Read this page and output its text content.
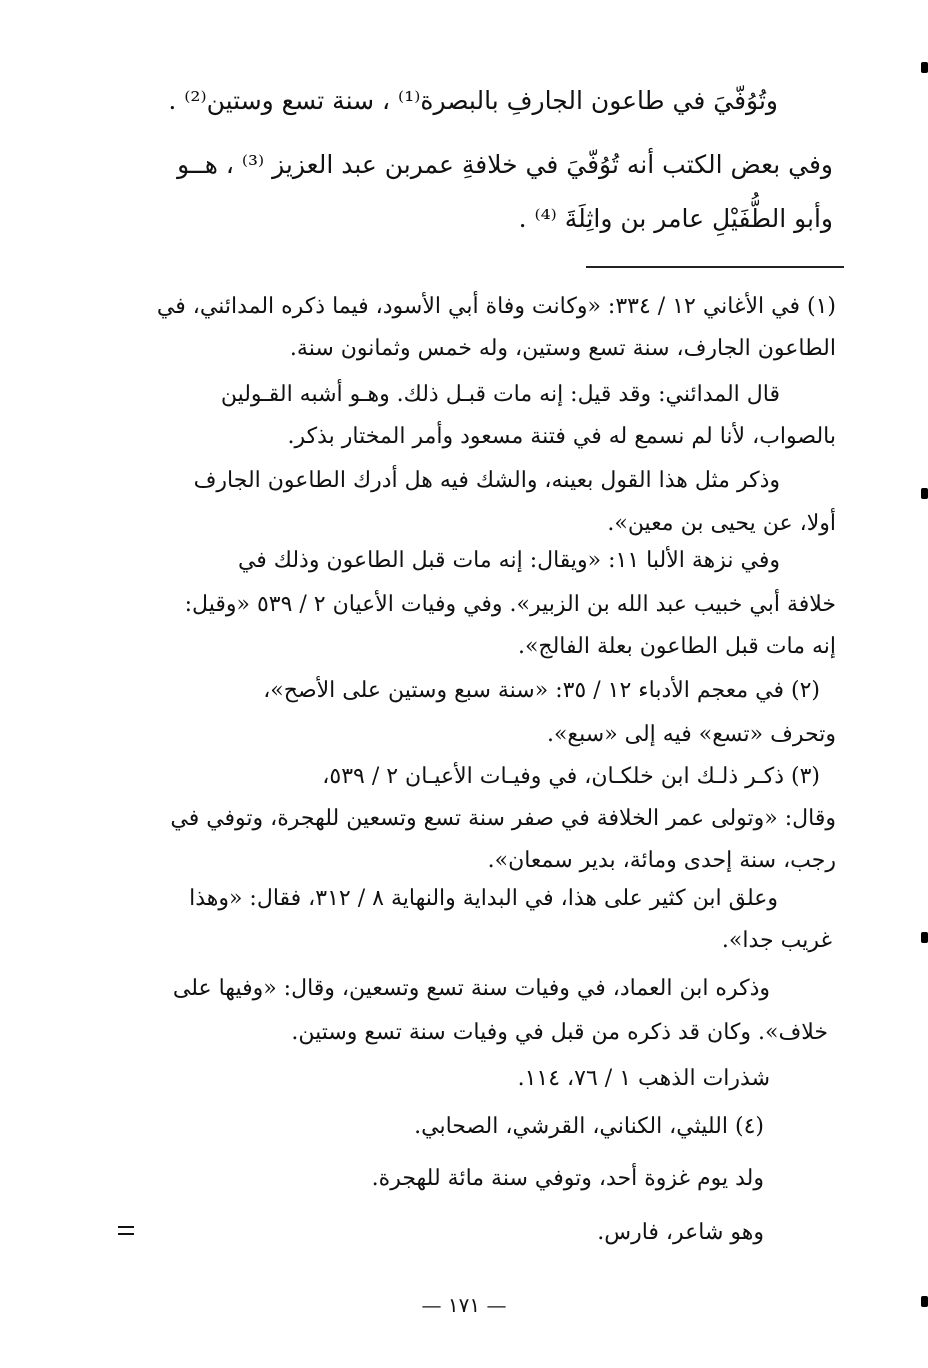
وتُوُفّيَ في طاعون الجارفِ بالبصرة⁽¹⁾ ، سنة تسع وستين⁽²⁾ .
وفي بعض الكتب أنه تُوُفّيَ في خلافةِ عمربن عبد العزيز ⁽³⁾ ، هــو
وأبو الطُّفَيْلِ عامر بن واثِلَةَ ⁽⁴⁾ .
(١) في الأغاني ١٢ / ٣٣٤: «وكانت وفاة أبي الأسود، فيما ذكره المدائني، في
الطاعون الجارف، سنة تسع وستين، وله خمس وثمانون سنة.
قال المدائني: وقد قيل: إنه مات قبـل ذلك. وهـو أشبه القـولين
بالصواب، لأنا لم نسمع له في فتنة مسعود وأمر المختار بذكر.
وذكر مثل هذا القول بعينه، والشك فيه هل أدرك الطاعون الجارف
أولا، عن يحيى بن معين».
وفي نزهة الألبا ١١: «ويقال: إنه مات قبل الطاعون وذلك في
خلافة أبي خبيب عبد الله بن الزبير». وفي وفيات الأعيان ٢ / ٥٣٩ «وقيل:
إنه مات قبل الطاعون بعلة الفالج».
(٢) في معجم الأدباء ١٢ / ٣٥: «سنة سبع وستين على الأصح»،
وتحرف «تسع» فيه إلى «سبع».
(٣) ذكـر ذلـك ابن خلكـان، في وفيـات الأعيـان ٢ / ٥٣٩،
وقال: «وتولى عمر الخلافة في صفر سنة تسع وتسعين للهجرة، وتوفي في
رجب، سنة إحدى ومائة، بدير سمعان».
وعلق ابن كثير على هذا، في البداية والنهاية ٨ / ٣١٢، فقال: «وهذا
غريب جدا».
وذكره ابن العماد، في وفيات سنة تسع وتسعين، وقال: «وفيها على
خلاف». وكان قد ذكره من قبل في وفيات سنة تسع وستين.
شذرات الذهب ١ / ٧٦، ١١٤.
(٤) الليثي، الكناني، القرشي، الصحابي.
ولد يوم غزوة أحد، وتوفي سنة مائة للهجرة.
وهو شاعر، فارس.
— ١٧١ —
